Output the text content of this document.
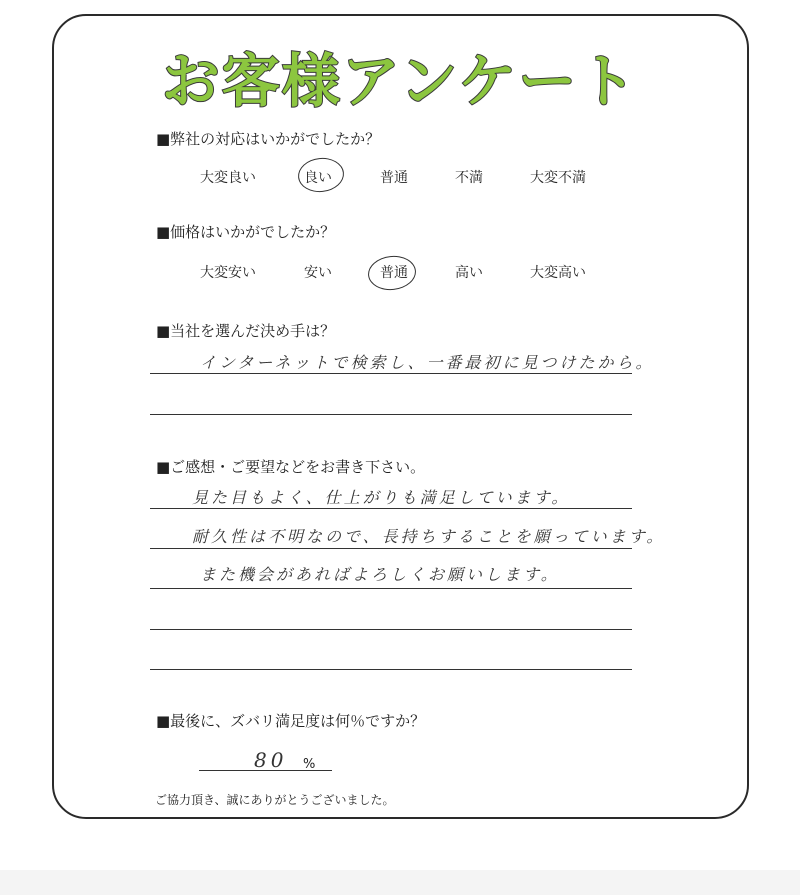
お客様アンケート
■弊社の対応はいかがでしたか？
大変良い	良い	普通	不満	大変不満
■価格はいかがでしたか？
大変安い	安い	普通	高い	大変高い
■当社を選んだ決め手は？
インターネットで検索し、一番最初に見つけたから。
■ご感想・ご要望などをお書き下さい。
見た目もよく、仕上がりも満足しています。
耐久性は不明なので、長持ちすることを願っています。
また機会があればよろしくお願いします。
■最後に、ズバリ満足度は何％ですか？
80 %
ご協力頂き、誠にありがとうございました。
